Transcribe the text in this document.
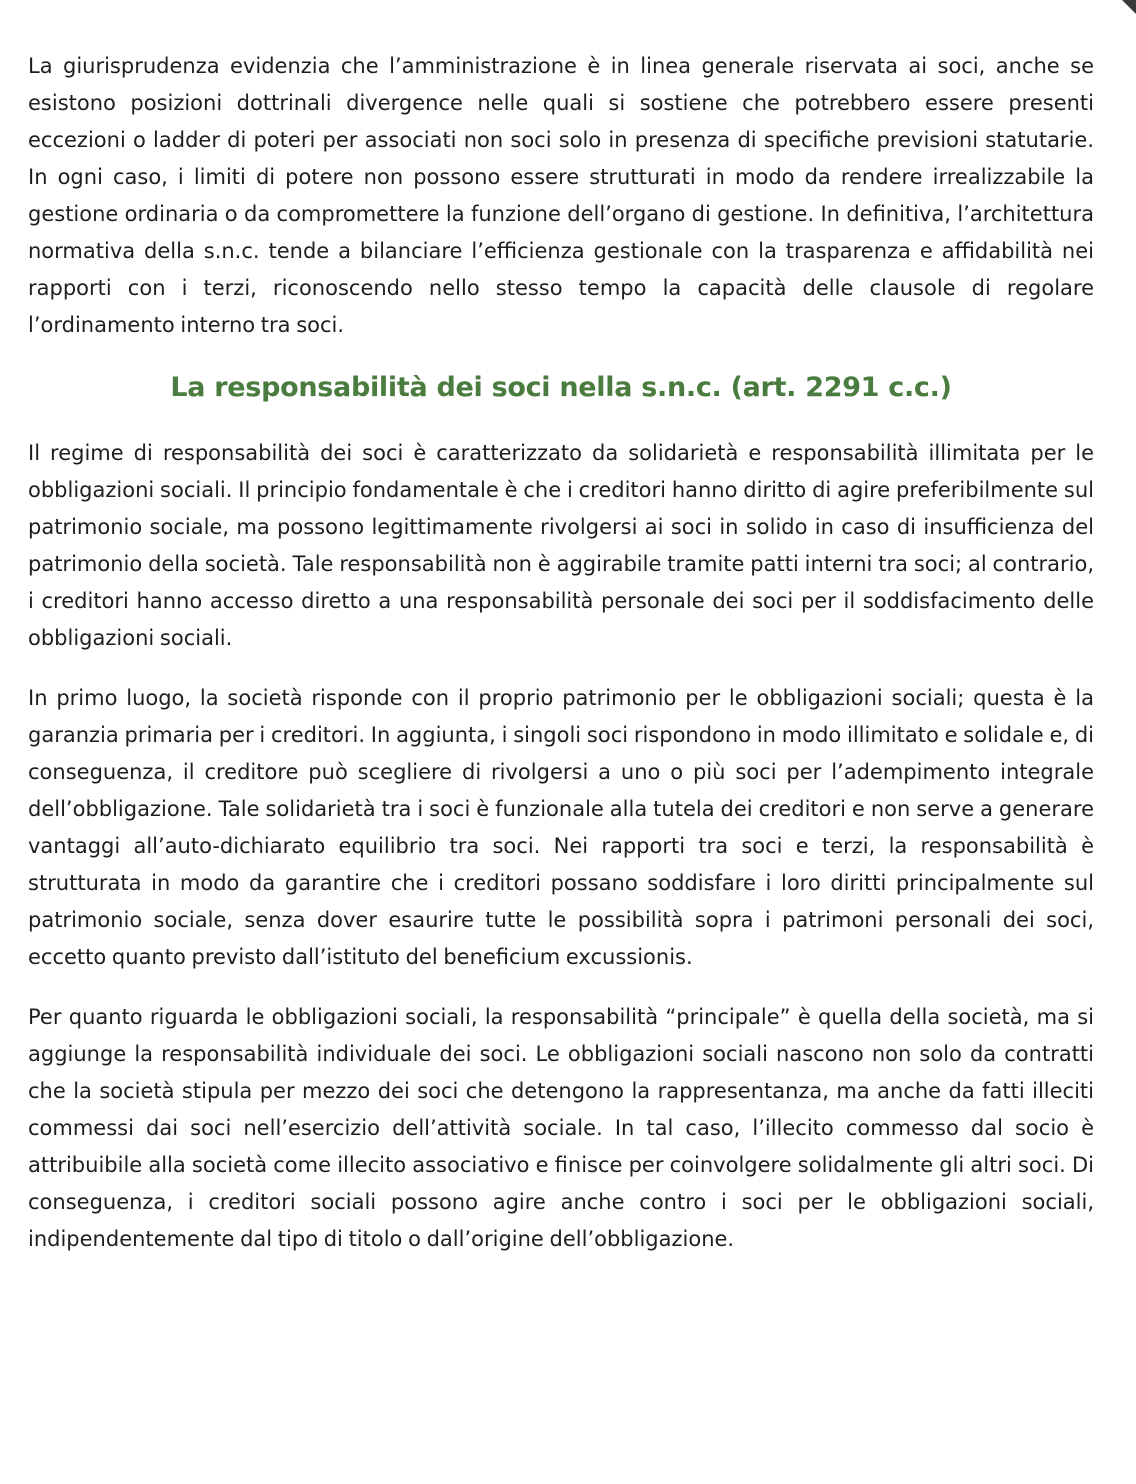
La giurisprudenza evidenzia che l’amministrazione è in linea generale riservata ai soci, anche se esistono posizioni dottrinali divergence nelle quali si sostiene che potrebbero essere presenti eccezioni o ladder di poteri per associati non soci solo in presenza di specifiche previsioni statutarie. In ogni caso, i limiti di potere non possono essere strutturati in modo da rendere irrealizzabile la gestione ordinaria o da compromettere la funzione dell’organo di gestione. In definitiva, l’architettura normativa della s.n.c. tende a bilanciare l’efficienza gestionale con la trasparenza e affidabilità nei rapporti con i terzi, riconoscendo nello stesso tempo la capacità delle clausole di regolare l’ordinamento interno tra soci.

La responsabilità dei soci nella s.n.c. (art. 2291 c.c.)

Il regime di responsabilità dei soci è caratterizzato da solidarietà e responsabilità illimitata per le obbligazioni sociali. Il principio fondamentale è che i creditori hanno diritto di agire preferibilmente sul patrimonio sociale, ma possono legittimamente rivolgersi ai soci in solido in caso di insufficienza del patrimonio della società. Tale responsabilità non è aggirabile tramite patti interni tra soci; al contrario, i creditori hanno accesso diretto a una responsabilità personale dei soci per il soddisfacimento delle obbligazioni sociali.

In primo luogo, la società risponde con il proprio patrimonio per le obbligazioni sociali; questa è la garanzia primaria per i creditori. In aggiunta, i singoli soci rispondono in modo illimitato e solidale e, di conseguenza, il creditore può scegliere di rivolgersi a uno o più soci per l’adempimento integrale dell’obbligazione. Tale solidarietà tra i soci è funzionale alla tutela dei creditori e non serve a generare vantaggi all’auto-dichiarato equilibrio tra soci. Nei rapporti tra soci e terzi, la responsabilità è strutturata in modo da garantire che i creditori possano soddisfare i loro diritti principalmente sul patrimonio sociale, senza dover esaurire tutte le possibilità sopra i patrimoni personali dei soci, eccetto quanto previsto dall’istituto del beneficium excussionis.

Per quanto riguarda le obbligazioni sociali, la responsabilità “principale” è quella della società, ma si aggiunge la responsabilità individuale dei soci. Le obbligazioni sociali nascono non solo da contratti che la società stipula per mezzo dei soci che detengono la rappresentanza, ma anche da fatti illeciti commessi dai soci nell’esercizio dell’attività sociale. In tal caso, l’illecito commesso dal socio è attribuibile alla società come illecito associativo e finisce per coinvolgere solidalmente gli altri soci. Di conseguenza, i creditori sociali possono agire anche contro i soci per le obbligazioni sociali, indipendentemente dal tipo di titolo o dall’origine dell’obbligazione.
